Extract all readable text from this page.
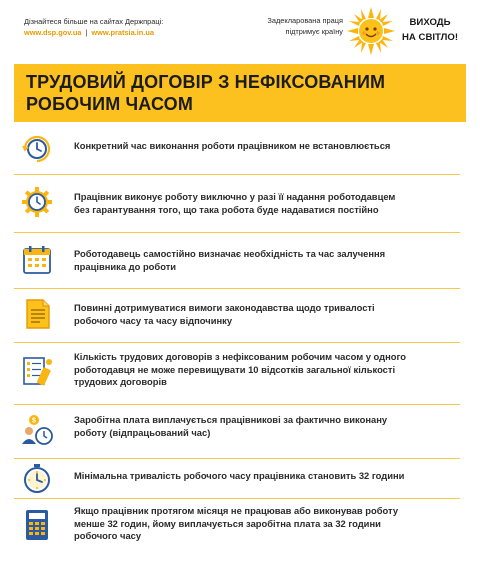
Дізнайтеся більше на сайтах Держпраці:
www.dsp.gov.ua | www.pratsia.in.ua
Задекларована праця
підтримує країну
ВИХОДЬ
НА СВІТЛО!
ТРУДОВИЙ ДОГОВІР З НЕФІКСОВАНИМ
РОБОЧИМ ЧАСОМ
Конкретний час виконання роботи працівником не встановлюється
Працівник виконує роботу виключно у разі її надання роботодавцем
без гарантування того, що така робота буде надаватися постійно
Роботодавець самостійно визначає необхідність та час залучення
працівника до роботи
Повинні дотримуватися вимоги законодавства щодо тривалості
робочого часу та часу відпочинку
Кількість трудових договорів з нефіксованим робочим часом у одного
роботодавця не може перевищувати 10 відсотків загальної кількості
трудових договорів
$	Заробітна плата виплачується працівникові за фактично виконану
роботу (відпрацьований час)
Мінімальна тривалість робочого часу працівника становить 32 години
Якщо працівник протягом місяця не працював або виконував роботу
менше 32 годин, йому виплачується заробітна плата за 32 години
робочого часу
